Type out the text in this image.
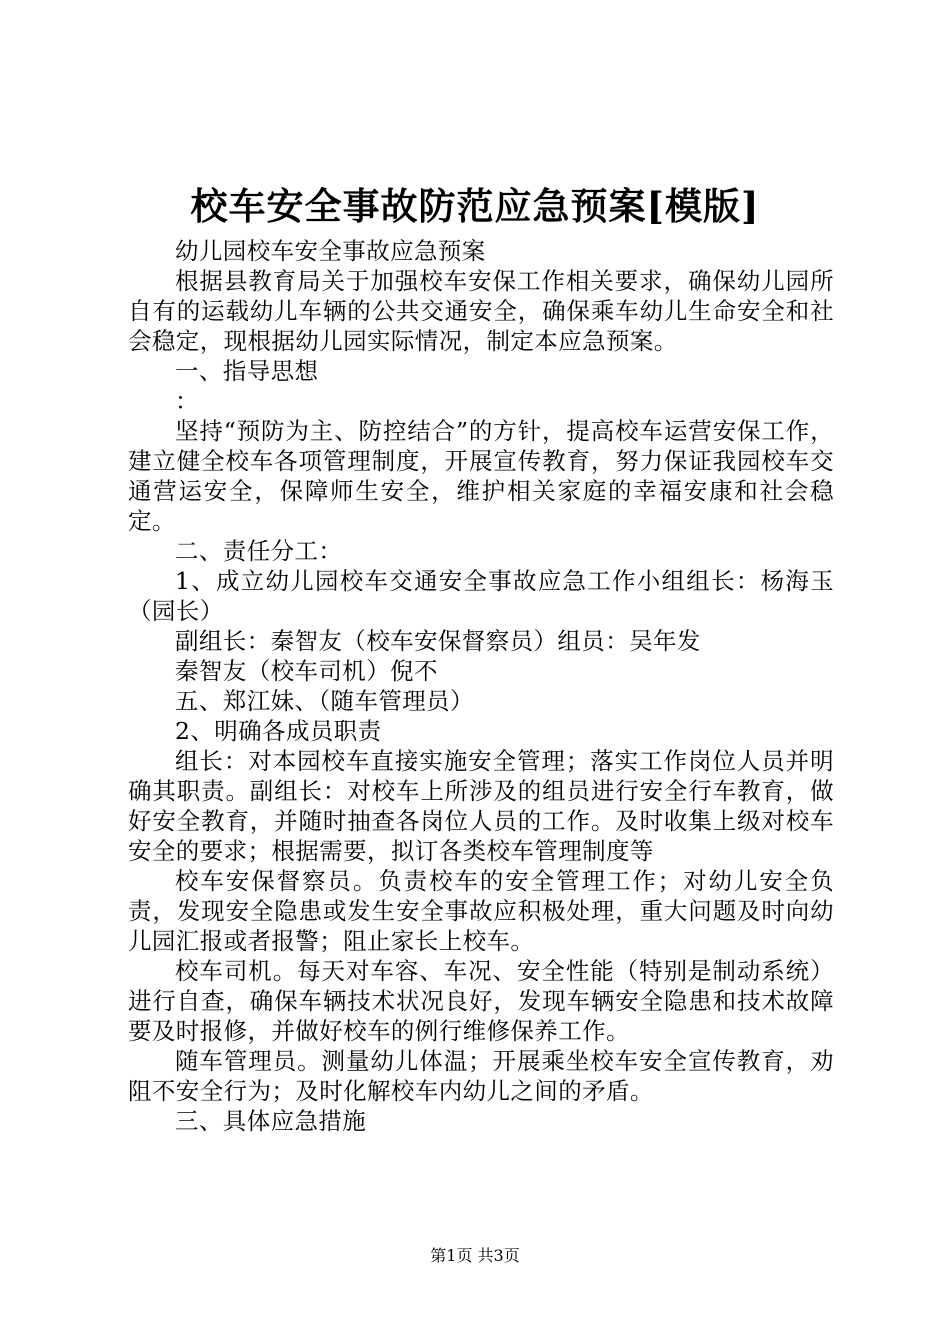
校车安全事故防范应急预案[模版]

幼儿园校车安全事故应急预案

根据县教育局关于加强校车安保工作相关要求，确保幼儿园所自有的运载幼儿车辆的公共交通安全，确保乘车幼儿生命安全和社会稳定，现根据幼儿园实际情况，制定本应急预案。

一、指导思想

：

坚持“预防为主、防控结合”的方针，提高校车运营安保工作，建立健全校车各项管理制度，开展宣传教育，努力保证我园校车交通营运安全，保障师生安全，维护相关家庭的幸福安康和社会稳定。

二、责任分工：

1、成立幼儿园校车交通安全事故应急工作小组组长：杨海玉（园长）

副组长：秦智友（校车安保督察员）组员：吴年发

秦智友（校车司机）倪不

五、郑江妹、（随车管理员）

2、明确各成员职责

组长：对本园校车直接实施安全管理；落实工作岗位人员并明确其职责。副组长：对校车上所涉及的组员进行安全行车教育，做好安全教育，并随时抽查各岗位人员的工作。及时收集上级对校车安全的要求；根据需要，拟订各类校车管理制度等

校车安保督察员。负责校车的安全管理工作；对幼儿安全负责，发现安全隐患或发生安全事故应积极处理，重大问题及时向幼儿园汇报或者报警；阻止家长上校车。

校车司机。每天对车容、车况、安全性能（特别是制动系统）进行自查，确保车辆技术状况良好，发现车辆安全隐患和技术故障要及时报修，并做好校车的例行维修保养工作。

随车管理员。测量幼儿体温；开展乘坐校车安全宣传教育，劝阻不安全行为；及时化解校车内幼儿之间的矛盾。

三、具体应急措施

第1页 共3页
